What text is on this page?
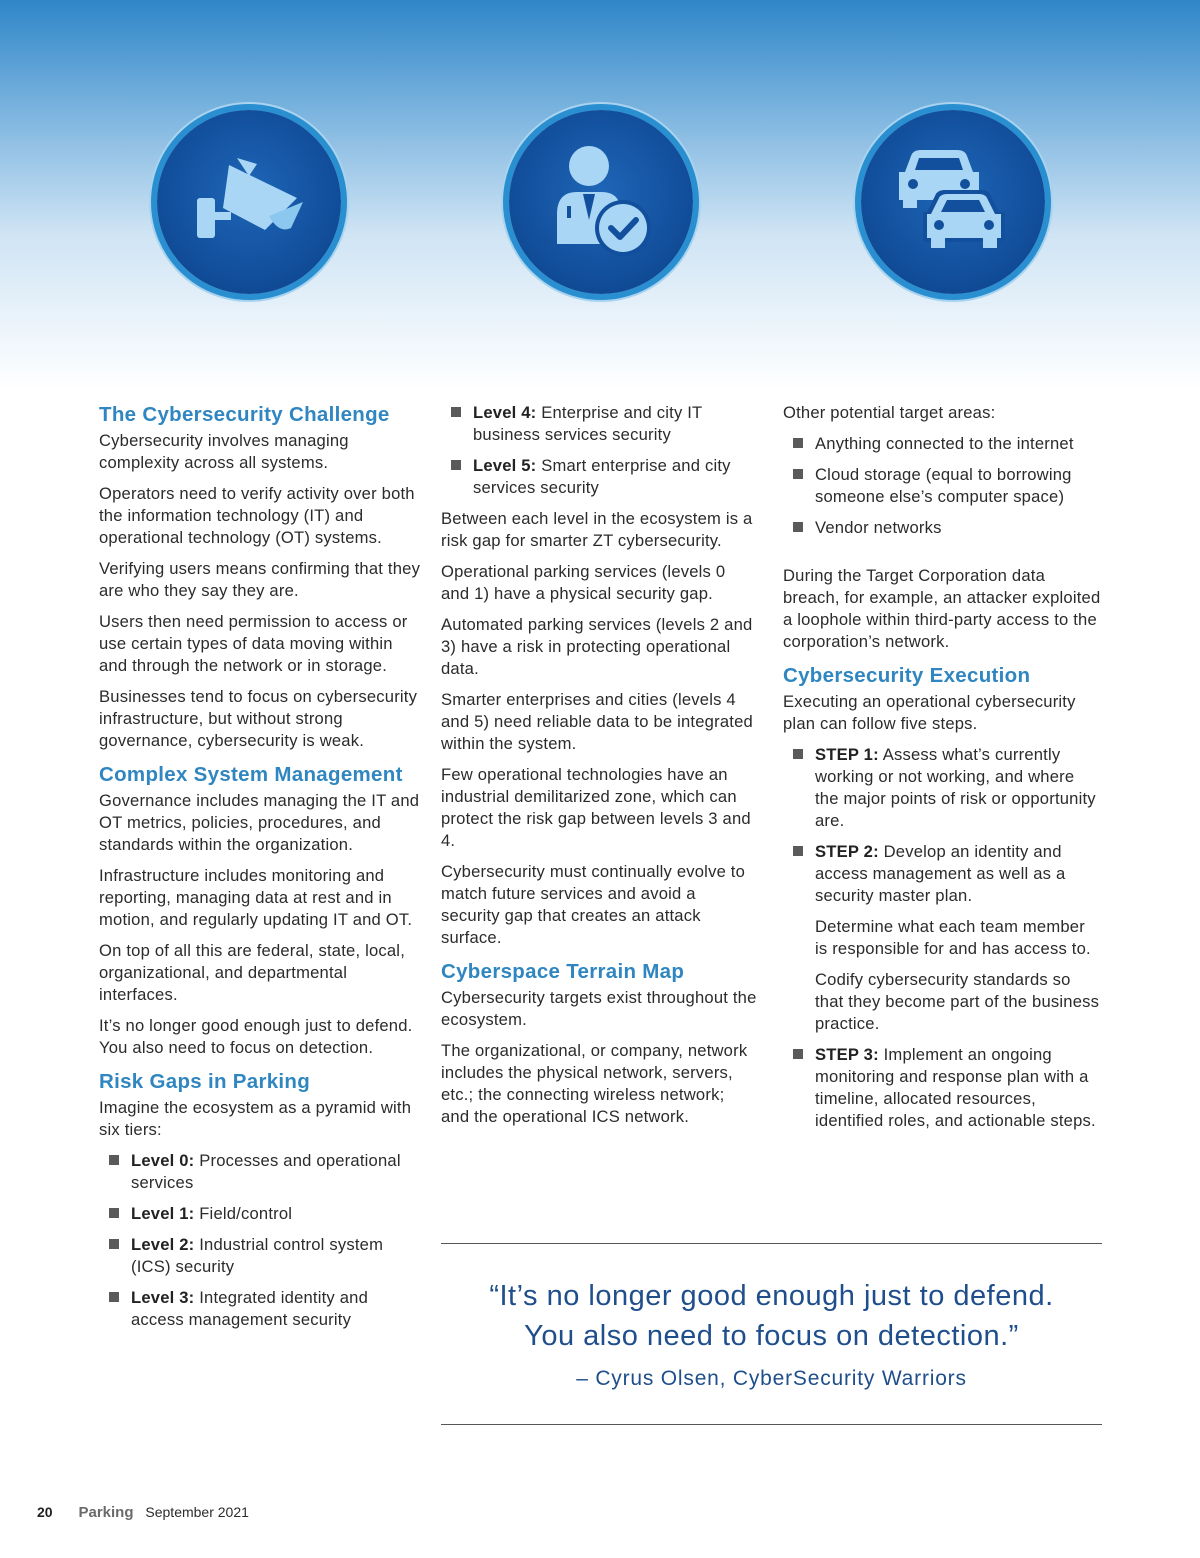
The Cybersecurity Challenge

Cybersecurity involves managing complexity across all systems.

Operators need to verify activity over both the information technology (IT) and operational technology (OT) systems.

Verifying users means confirming that they are who they say they are.

Users then need permission to access or use certain types of data moving within and through the network or in storage.

Businesses tend to focus on cybersecurity infrastructure, but without strong governance, cybersecurity is weak.

Complex System Management

Governance includes managing the IT and OT metrics, policies, procedures, and standards within the organization.

Infrastructure includes monitoring and reporting, managing data at rest and in motion, and regularly updating IT and OT.

On top of all this are federal, state, local, organizational, and departmental interfaces.

It’s no longer good enough just to defend. You also need to focus on detection.

Risk Gaps in Parking

Imagine the ecosystem as a pyramid with six tiers:

Level 0: Processes and operational services
Level 1: Field/control
Level 2: Industrial control system (ICS) security
Level 3: Integrated identity and access management security
Level 4: Enterprise and city IT business services security
Level 5: Smart enterprise and city services security

Between each level in the ecosystem is a risk gap for smarter ZT cybersecurity.

Operational parking services (levels 0 and 1) have a physical security gap.

Automated parking services (levels 2 and 3) have a risk in protecting operational data.

Smarter enterprises and cities (levels 4 and 5) need reliable data to be integrated within the system.

Few operational technologies have an industrial demilitarized zone, which can protect the risk gap between levels 3 and 4.

Cybersecurity must continually evolve to match future services and avoid a security gap that creates an attack surface.

Cyberspace Terrain Map

Cybersecurity targets exist throughout the ecosystem.

The organizational, or company, network includes the physical network, servers, etc.; the connecting wireless network; and the operational ICS network.

Other potential target areas:

Anything connected to the internet
Cloud storage (equal to borrowing someone else’s computer space)
Vendor networks

During the Target Corporation data breach, for example, an attacker exploited a loophole within third-party access to the corporation’s network.

Cybersecurity Execution

Executing an operational cybersecurity plan can follow five steps.

STEP 1: Assess what’s currently working or not working, and where the major points of risk or opportunity are.
STEP 2: Develop an identity and access management as well as a security master plan.

Determine what each team member is responsible for and has access to.

Codify cybersecurity standards so that they become part of the business practice.

STEP 3: Implement an ongoing monitoring and response plan with a timeline, allocated resources, identified roles, and actionable steps.
“It’s no longer good enough just to defend.
You also need to focus on detection.”
– Cyrus Olsen, CyberSecurity Warriors
20 Parking September 2021
